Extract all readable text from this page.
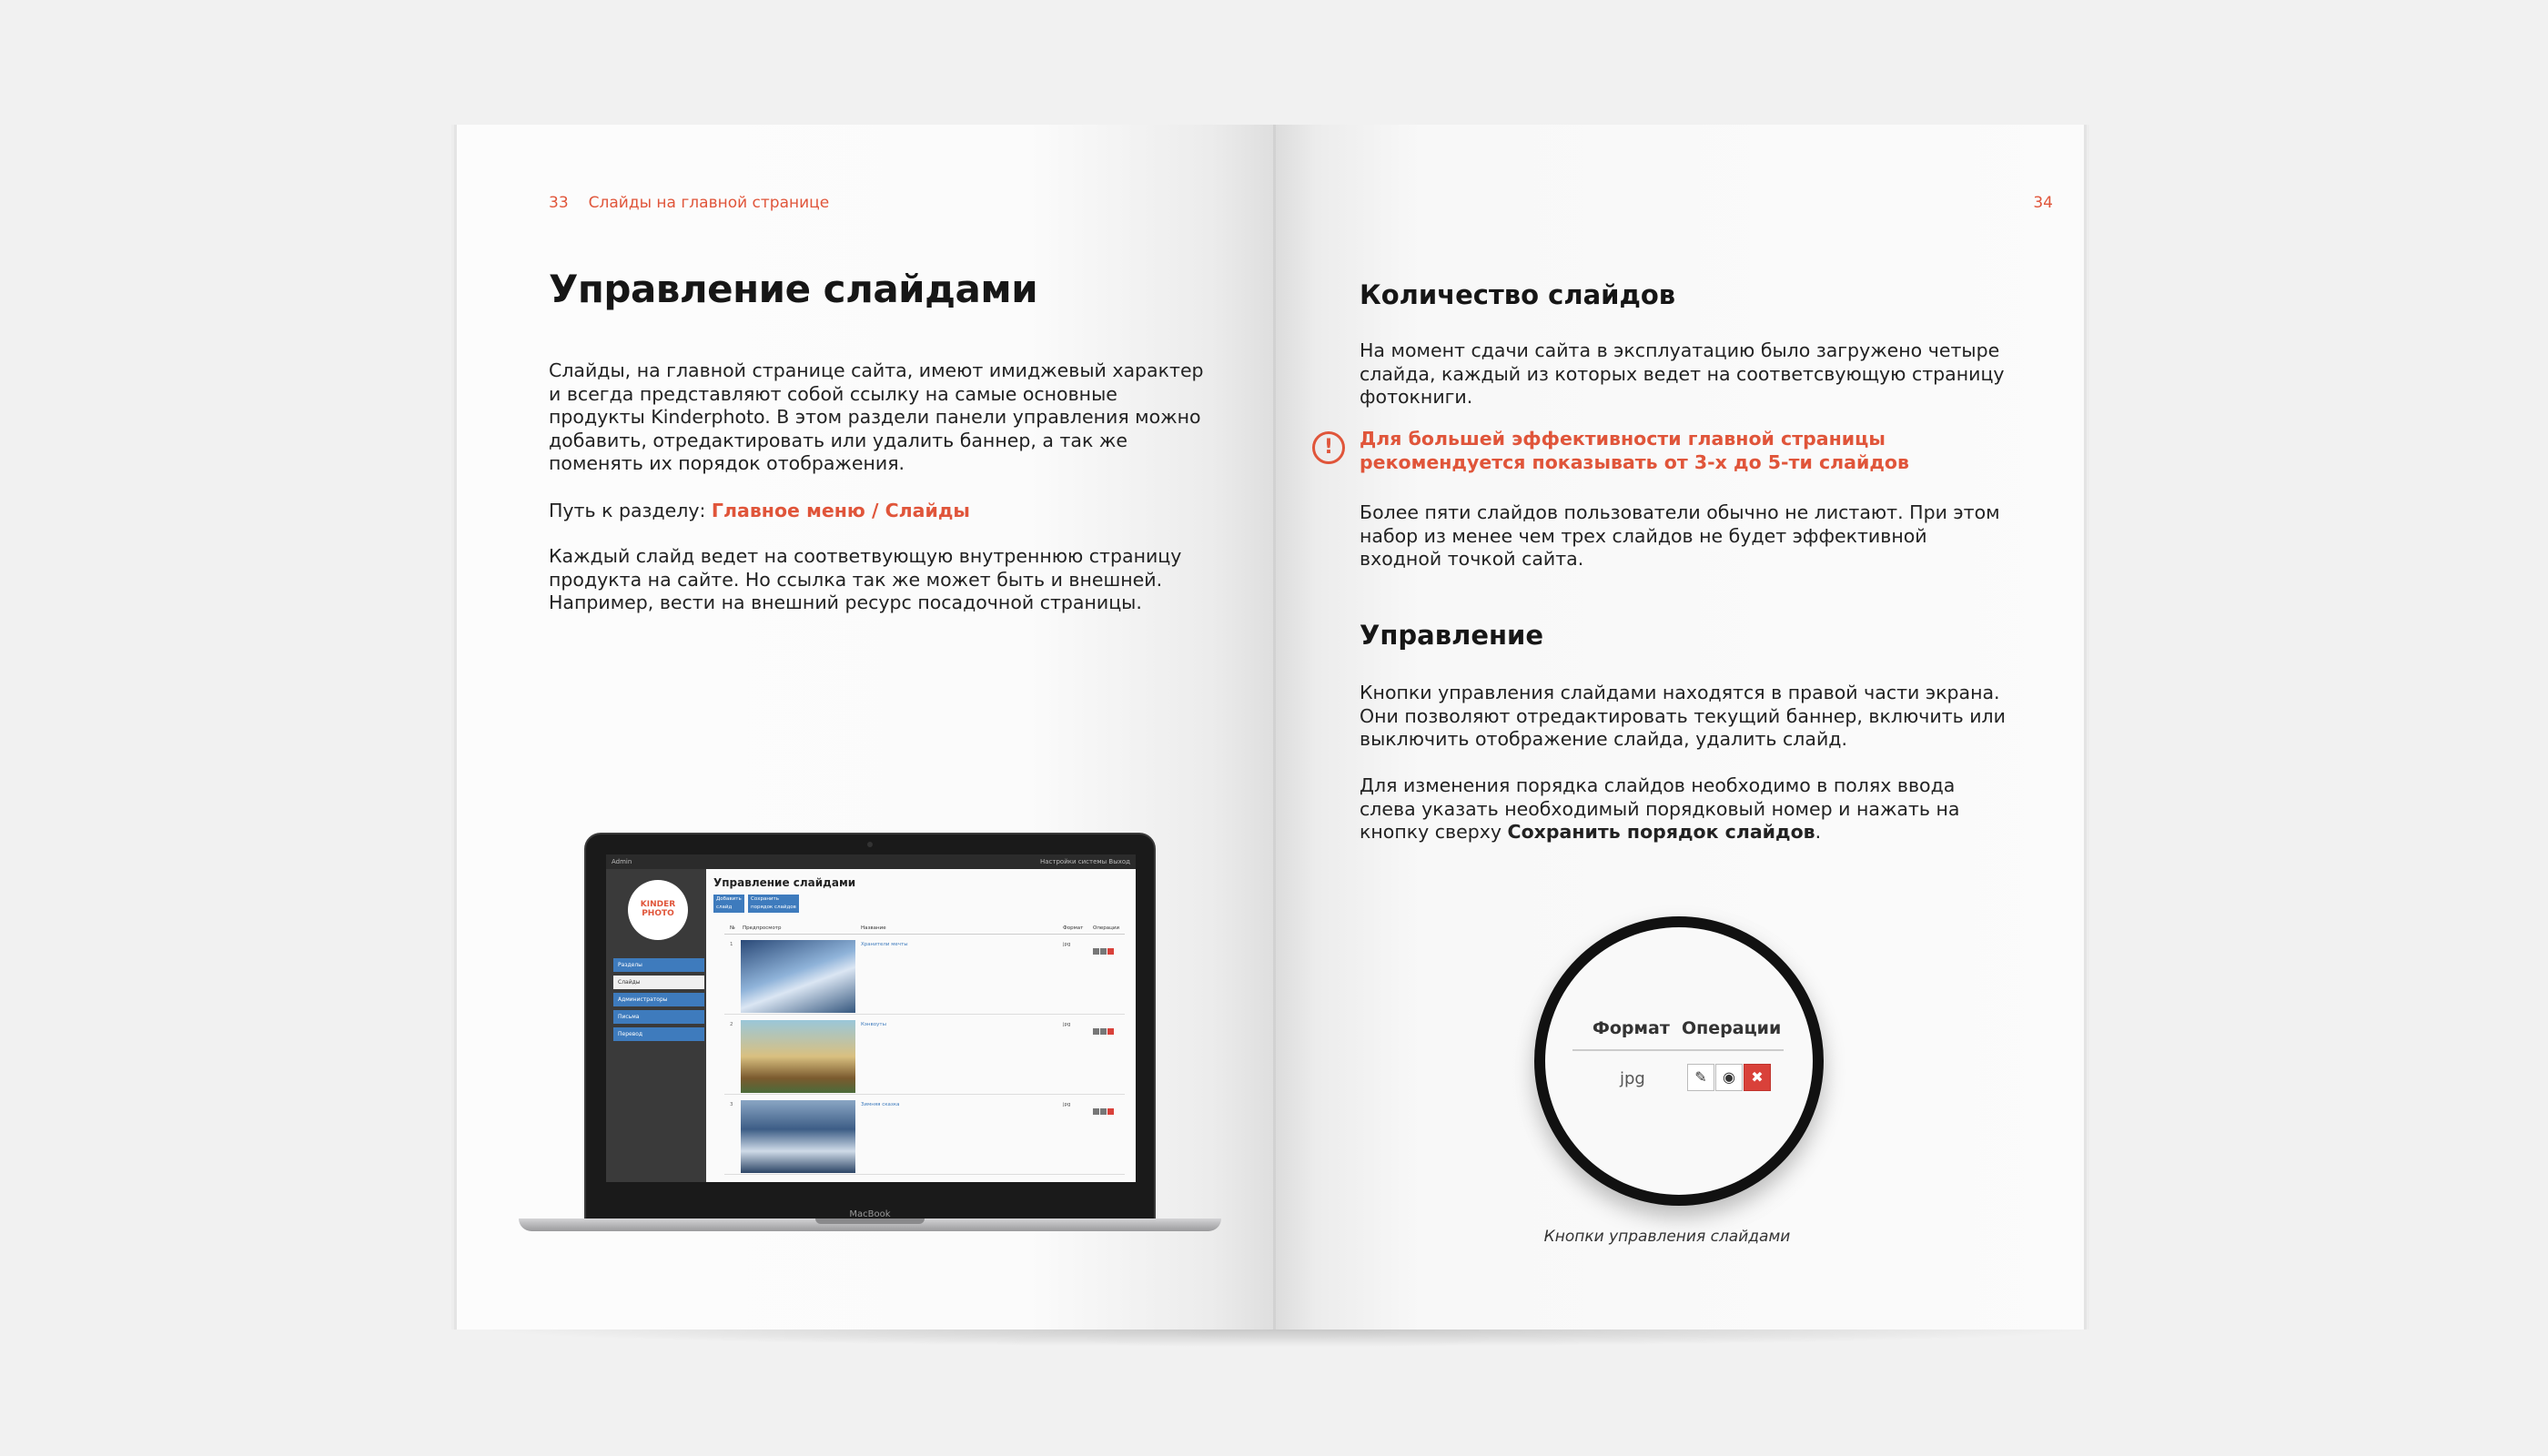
33 Слайды на главной странице
Управление слайдами

Слайды, на главной странице сайта, имеют имиджевый характер и всегда представляют собой ссылку на самые основные продукты Kinderphoto. В этом раздели панели управления можно добавить, отредактировать или удалить баннер, а так же поменять их порядок отображения.

Путь к разделу: Главное меню / Слайды

Каждый слайд ведет на соответвующую внутреннюю страницу продукта на сайте. Но ссылка так же может быть и внешней. Например, вести на внешний ресурс посадочной страницы.

Admin	Настройки системы Выход
KINDER PHOTO
Разделы
Слайды
Администраторы
Письма
Перевод
Управление слайдами
Добавить слайд
Сохранить порядок слайдов
№ Предпросмотр	Название	Формат Операции
1	Хранители мечты	jpg
2	Кэнвоуты	jpg
3	Зимняя сказка	jpg
MacBook
34
Количество слайдов

На момент сдачи сайта в эксплуатацию было загружено четыре слайда, каждый из которых ведет на соответсвующую страницу фотокниги.

!	Для большей эффективности главной страницы рекомендуется показывать от 3-х до 5-ти слайдов

Более пяти слайдов пользователи обычно не листают. При этом набор из менее чем трех слайдов не будет эффективной входной точкой сайта.

Управление

Кнопки управления слайдами находятся в правой части экрана. Они позволяют отредактировать текущий баннер, включить или выключить отображение слайда, удалить слайд.

Для изменения порядка слайдов необходимо в полях ввода слева указать необходимый порядковый номер и нажать на кнопку сверху Сохранить порядок слайдов.

Формат Операции
jpg	✎	◉	✖
Кнопки управления слайдами
